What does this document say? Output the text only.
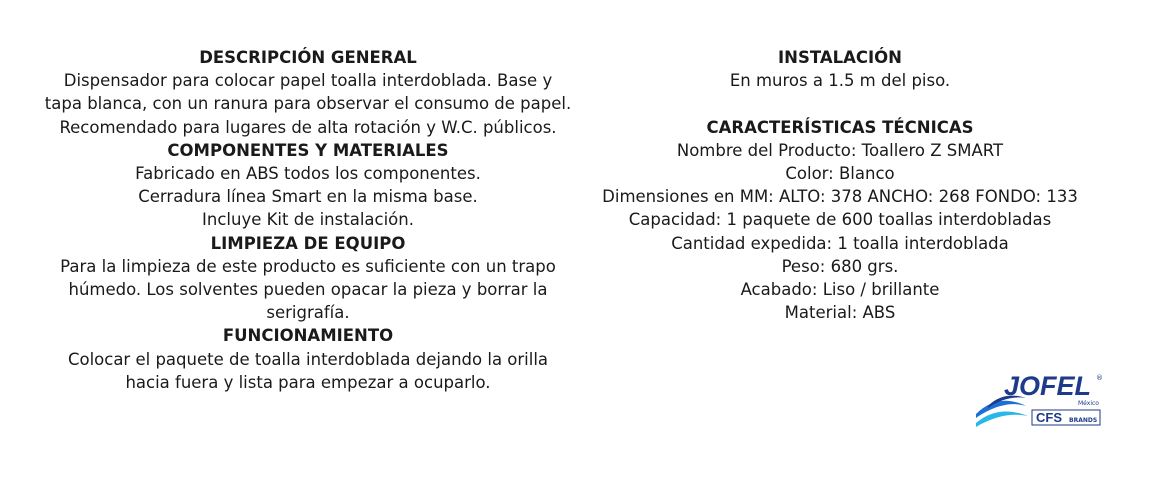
DESCRIPCIÓN GENERAL
Dispensador para colocar papel toalla interdoblada. Base y
tapa blanca, con un ranura para observar el consumo de papel.
Recomendado para lugares de alta rotación y W.C. públicos.
COMPONENTES Y MATERIALES
Fabricado en ABS todos los componentes.
Cerradura línea Smart en la misma base.
Incluye Kit de instalación.
LIMPIEZA DE EQUIPO
Para la limpieza de este producto es suficiente con un trapo
húmedo. Los solventes pueden opacar la pieza y borrar la
serigrafía.
FUNCIONAMIENTO
Colocar el paquete de toalla interdoblada dejando la orilla
hacia fuera y lista para empezar a ocuparlo.
INSTALACIÓN
En muros a 1.5 m del piso.
CARACTERÍSTICAS TÉCNICAS
Nombre del Producto: Toallero Z SMART
Color: Blanco
Dimensiones en MM: ALTO: 378 ANCHO: 268 FONDO: 133
Capacidad: 1 paquete de 600 toallas interdobladas
Cantidad expedida: 1 toalla interdoblada
Peso: 680 grs.
Acabado: Liso / brillante
Material: ABS
JOFEL ®
México
CFS BRANDS
